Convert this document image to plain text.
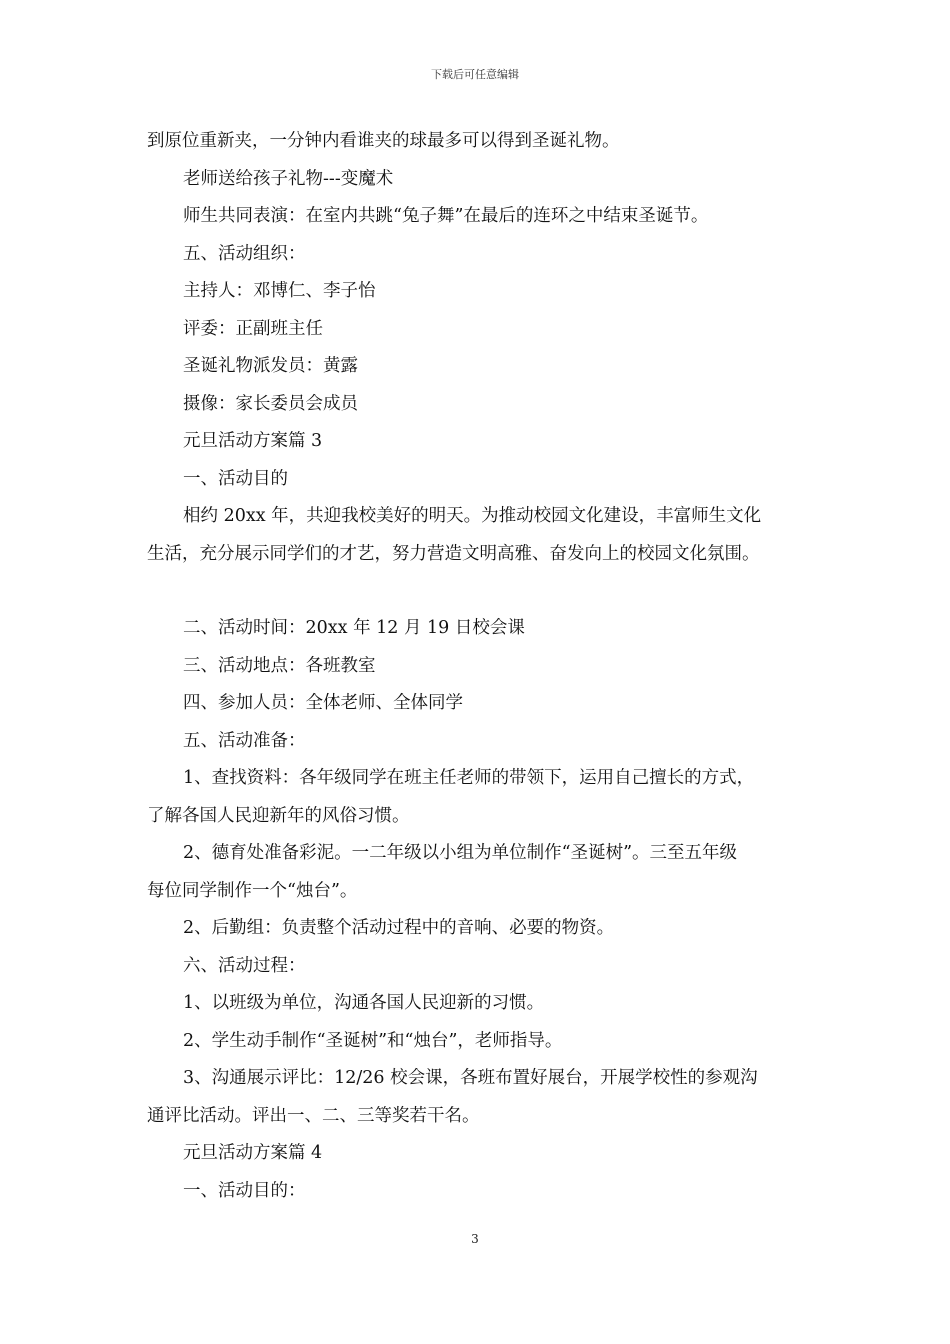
下载后可任意编辑

到原位重新夹，一分钟内看谁夹的球最多可以得到圣诞礼物。

老师送给孩子礼物---变魔术

师生共同表演：在室内共跳“兔子舞”在最后的连环之中结束圣诞节。

五、活动组织：

主持人：邓博仁、李子怡

评委：正副班主任

圣诞礼物派发员：黄露

摄像：家长委员会成员

元旦活动方案篇 3

一、活动目的

相约 20xx 年，共迎我校美好的明天。为推动校园文化建设，丰富师生文化

生活，充分展示同学们的才艺，努力营造文明高雅、奋发向上的校园文化氛围。

二、活动时间：20xx 年 12 月 19 日校会课

三、活动地点：各班教室

四、参加人员：全体老师、全体同学

五、活动准备：

1、查找资料：各年级同学在班主任老师的带领下，运用自己擅长的方式，

了解各国人民迎新年的风俗习惯。

2、德育处准备彩泥。一二年级以小组为单位制作“圣诞树”。三至五年级

每位同学制作一个“烛台”。

2、后勤组：负责整个活动过程中的音响、必要的物资。

六、活动过程：

1、以班级为单位，沟通各国人民迎新的习惯。

2、学生动手制作“圣诞树”和“烛台”，老师指导。

3、沟通展示评比：12/26 校会课，各班布置好展台，开展学校性的参观沟

通评比活动。评出一、二、三等奖若干名。

元旦活动方案篇 4

一、活动目的：

3
